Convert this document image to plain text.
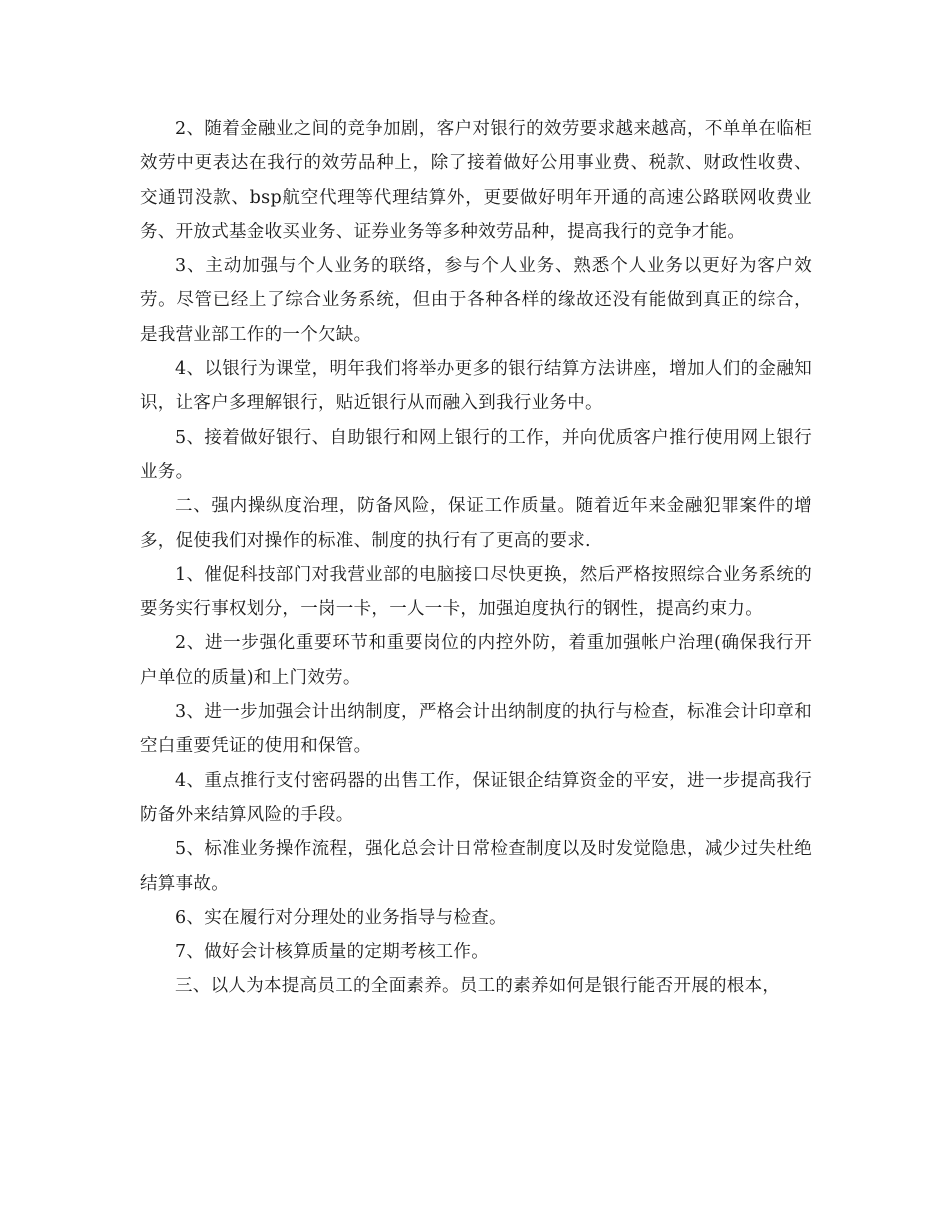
2、随着金融业之间的竞争加剧，客户对银行的效劳要求越来越高，不单单在临柜效劳中更表达在我行的效劳品种上，除了接着做好公用事业费、税款、财政性收费、交通罚没款、bsp航空代理等代理结算外，更要做好明年开通的高速公路联网收费业务、开放式基金收买业务、证券业务等多种效劳品种，提高我行的竞争才能。

3、主动加强与个人业务的联络，参与个人业务、熟悉个人业务以更好为客户效劳。尽管已经上了综合业务系统，但由于各种各样的缘故还没有能做到真正的综合，是我营业部工作的一个欠缺。

4、以银行为课堂，明年我们将举办更多的银行结算方法讲座，增加人们的金融知识，让客户多理解银行，贴近银行从而融入到我行业务中。

5、接着做好银行、自助银行和网上银行的工作，并向优质客户推行使用网上银行业务。

二、强内操纵度治理，防备风险，保证工作质量。随着近年来金融犯罪案件的增多，促使我们对操作的标准、制度的执行有了更高的要求.

1、催促科技部门对我营业部的电脑接口尽快更换，然后严格按照综合业务系统的要务实行事权划分，一岗一卡，一人一卡，加强迫度执行的钢性，提高约束力。

2、进一步强化重要环节和重要岗位的内控外防，着重加强帐户治理(确保我行开户单位的质量)和上门效劳。

3、进一步加强会计出纳制度，严格会计出纳制度的执行与检查，标准会计印章和空白重要凭证的使用和保管。

4、重点推行支付密码器的出售工作，保证银企结算资金的平安，进一步提高我行防备外来结算风险的手段。

5、标准业务操作流程，强化总会计日常检查制度以及时发觉隐患，减少过失杜绝结算事故。

6、实在履行对分理处的业务指导与检查。

7、做好会计核算质量的定期考核工作。

三、以人为本提高员工的全面素养。员工的素养如何是银行能否开展的根本，
